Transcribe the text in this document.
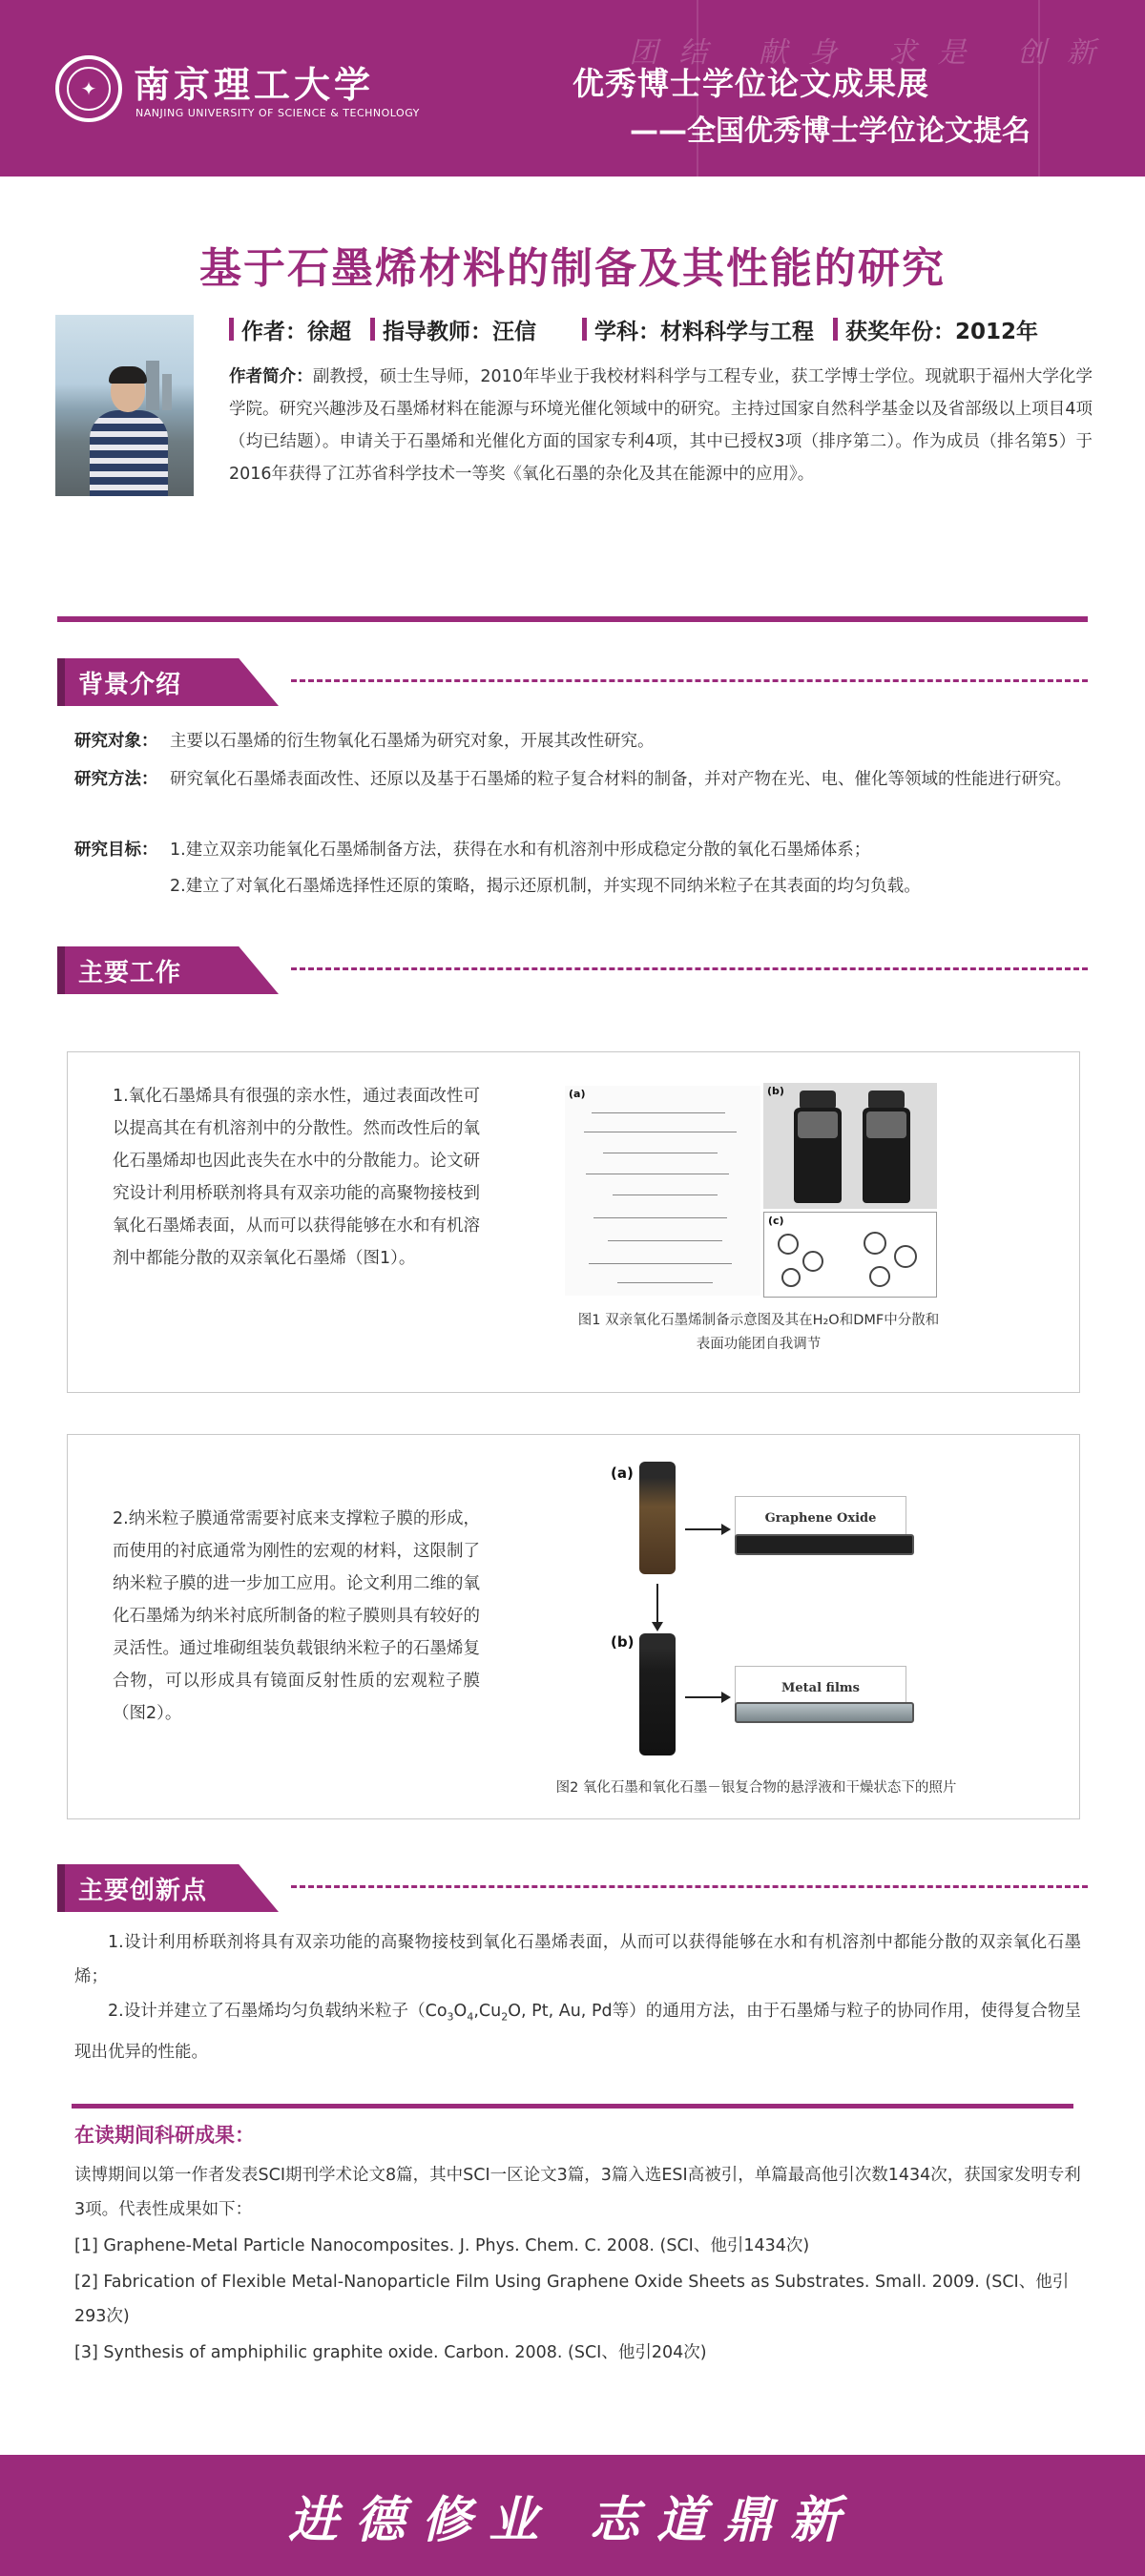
团结 献身 求是 创新
✦	南京理工大学
NANJING UNIVERSITY OF SCIENCE & TECHNOLOGY
优秀博士学位论文成果展
——全国优秀博士学位论文提名
基于石墨烯材料的制备及其性能的研究
作者：徐超 指导教师：汪信	学科：材料科学与工程 获奖年份：2012年
作者简介：副教授，硕士生导师，2010年毕业于我校材料科学与工程专业，获工学博士学位。现就职于福州大学化学学院。研究兴趣涉及石墨烯材料在能源与环境光催化领域中的研究。主持过国家自然科学基金以及省部级以上项目4项（均已结题）。申请关于石墨烯和光催化方面的国家专利4项，其中已授权3项（排序第二）。作为成员（排名第5）于2016年获得了江苏省科学技术一等奖《氧化石墨的杂化及其在能源中的应用》。
背景介绍
研究对象： 主要以石墨烯的衍生物氧化石墨烯为研究对象，开展其改性研究。
研究方法： 研究氧化石墨烯表面改性、还原以及基于石墨烯的粒子复合材料的制备，并对产物在光、电、催化等领域的性能进行研究。
研究目标： 1.建立双亲功能氧化石墨烯制备方法，获得在水和有机溶剂中形成稳定分散的氧化石墨烯体系；
2.建立了对氧化石墨烯选择性还原的策略，揭示还原机制，并实现不同纳米粒子在其表面的均匀负载。
主要工作
1.氧化石墨烯具有很强的亲水性，通过表面改性可以提高其在有机溶剂中的分散性。然而改性后的氧化石墨烯却也因此丧失在水中的分散能力。论文研究设计利用桥联剂将具有双亲功能的高聚物接枝到氧化石墨烯表面，从而可以获得能够在水和有机溶剂中都能分散的双亲氧化石墨烯（图1）。
(a)	(b)
(c)
图1 双亲氧化石墨烯制备示意图及其在H₂O和DMF中分散和表面功能团自我调节
2.纳米粒子膜通常需要衬底来支撑粒子膜的形成，而使用的衬底通常为刚性的宏观的材料，这限制了纳米粒子膜的进一步加工应用。论文利用二维的氧化石墨烯为纳米衬底所制备的粒子膜则具有较好的灵活性。通过堆砌组装负载银纳米粒子的石墨烯复合物，可以形成具有镜面反射性质的宏观粒子膜（图2）。
(a)
Graphene Oxide
(b)
Metal films
图2 氧化石墨和氧化石墨－银复合物的悬浮液和干燥状态下的照片
主要创新点
1.设计利用桥联剂将具有双亲功能的高聚物接枝到氧化石墨烯表面，从而可以获得能够在水和有机溶剂中都能分散的双亲氧化石墨烯；
2.设计并建立了石墨烯均匀负载纳米粒子（$Co_3O_4,Cu_2O$, Pt, Au, Pd等）的通用方法，由于石墨烯与粒子的协同作用，使得复合物呈现出优异的性能。
在读期间科研成果：
读博期间以第一作者发表SCI期刊学术论文8篇，其中SCI一区论文3篇，3篇入选ESI高被引，单篇最高他引次数1434次，获国家发明专利3项。代表性成果如下：
[1] Graphene-Metal Particle Nanocomposites. J. Phys. Chem. C. 2008. (SCI、他引1434次)
[2] Fabrication of Flexible Metal-Nanoparticle Film Using Graphene Oxide Sheets as Substrates. Small. 2009. (SCI、他引293次)
[3] Synthesis of amphiphilic graphite oxide. Carbon. 2008. (SCI、他引204次)
进德修业 志道鼎新
